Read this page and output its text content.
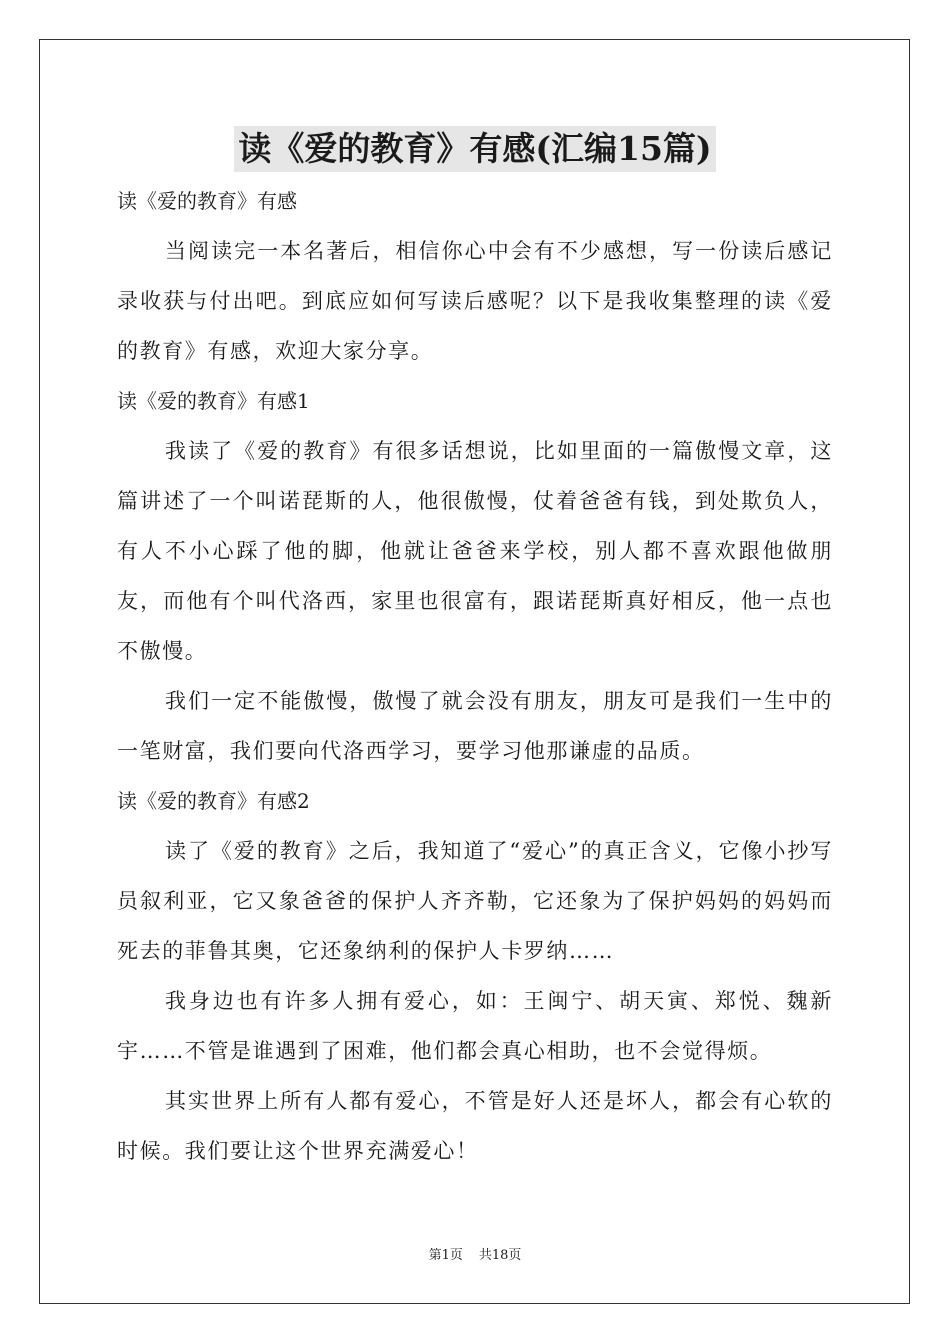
读《爱的教育》有感(汇编15篇)

读《爱的教育》有感

当阅读完一本名著后，相信你心中会有不少感想，写一份读后感记录收获与付出吧。到底应如何写读后感呢？以下是我收集整理的读《爱的教育》有感，欢迎大家分享。

读《爱的教育》有感1

我读了《爱的教育》有很多话想说，比如里面的一篇傲慢文章，这篇讲述了一个叫诺琵斯的人，他很傲慢，仗着爸爸有钱，到处欺负人，有人不小心踩了他的脚，他就让爸爸来学校，别人都不喜欢跟他做朋友，而他有个叫代洛西，家里也很富有，跟诺琵斯真好相反，他一点也不傲慢。

我们一定不能傲慢，傲慢了就会没有朋友，朋友可是我们一生中的一笔财富，我们要向代洛西学习，要学习他那谦虚的品质。

读《爱的教育》有感2

读了《爱的教育》之后，我知道了“爱心”的真正含义，它像小抄写员叙利亚，它又象爸爸的保护人齐齐勒，它还象为了保护妈妈的妈妈而死去的菲鲁其奥，它还象纳利的保护人卡罗纳……

我身边也有许多人拥有爱心，如：王闽宁、胡天寅、郑悦、魏新宇……不管是谁遇到了困难，他们都会真心相助，也不会觉得烦。

其实世界上所有人都有爱心，不管是好人还是坏人，都会有心软的时候。我们要让这个世界充满爱心！

第1页 共18页
